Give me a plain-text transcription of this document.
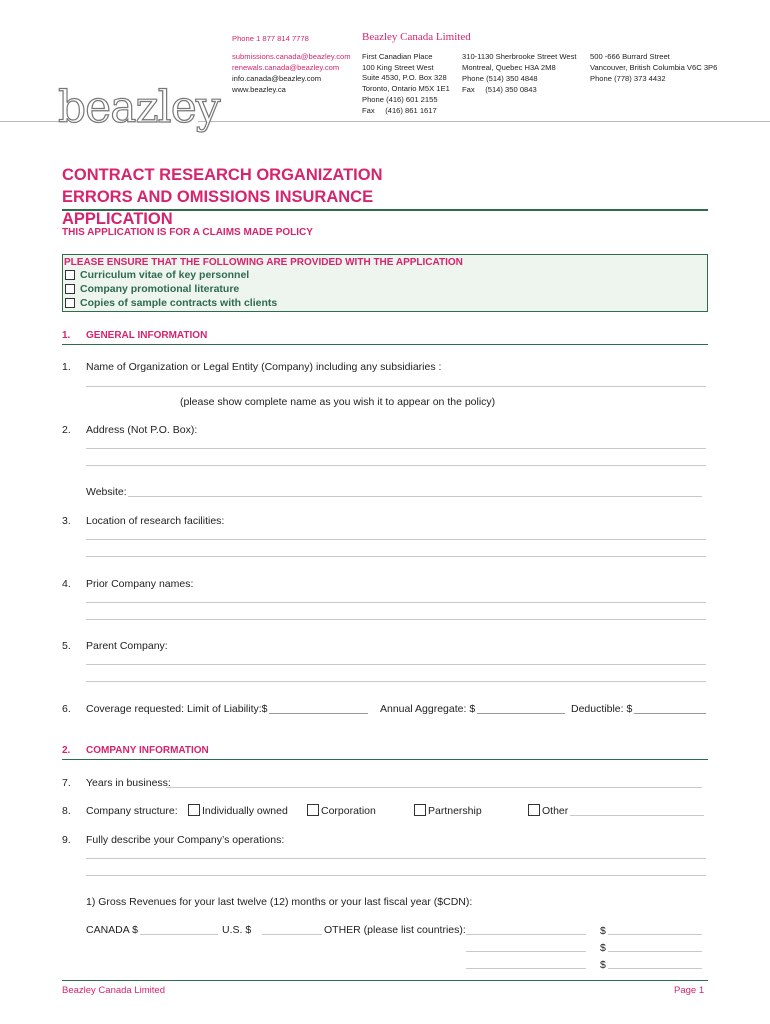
Phone 1 877 814 7778	Beazley Canada Limited
submissions.canada@beazley.com
renewals.canada@beazley.com
info.canada@beazley.com
www.beazley.ca
First Canadian Place
100 King Street West
Suite 4530, P.O. Box 328
Toronto, Ontario M5X 1E1
Phone (416) 601 2155
Fax     (416) 861 1617
310-1130 Sherbrooke Street West
Montreal, Quebec H3A 2M8
Phone (514) 350 4848
Fax     (514) 350 0843
500 -666 Burrard Street
Vancouver, British Columbia V6C 3P6
Phone (778) 373 4432
beazley
CONTRACT RESEARCH ORGANIZATION
ERRORS AND OMISSIONS INSURANCE
APPLICATION
THIS APPLICATION IS FOR A CLAIMS MADE POLICY
PLEASE ENSURE THAT THE FOLLOWING ARE PROVIDED WITH THE APPLICATION
Curriculum vitae of key personnel
Company promotional literature
Copies of sample contracts with clients
1. GENERAL INFORMATION
1. Name of Organization or Legal Entity (Company) including any subsidiaries :
(please show complete name as you wish it to appear on the policy)
2. Address (Not P.O. Box):
Website:
3. Location of research facilities:
4. Prior Company names:
5. Parent Company:
6. Coverage requested: Limit of Liability:$	Annual Aggregate: $	Deductible: $
2. COMPANY INFORMATION
7. Years in business:
8. Company structure: Individually owned	Corporation	Partnership	Other
9. Fully describe your Company’s operations:
1) Gross Revenues for your last twelve (12) months or your last fiscal year ($CDN):
CANADA $	U.S. $	OTHER (please list countries):	$
$
$
Beazley Canada Limited	Page 1
